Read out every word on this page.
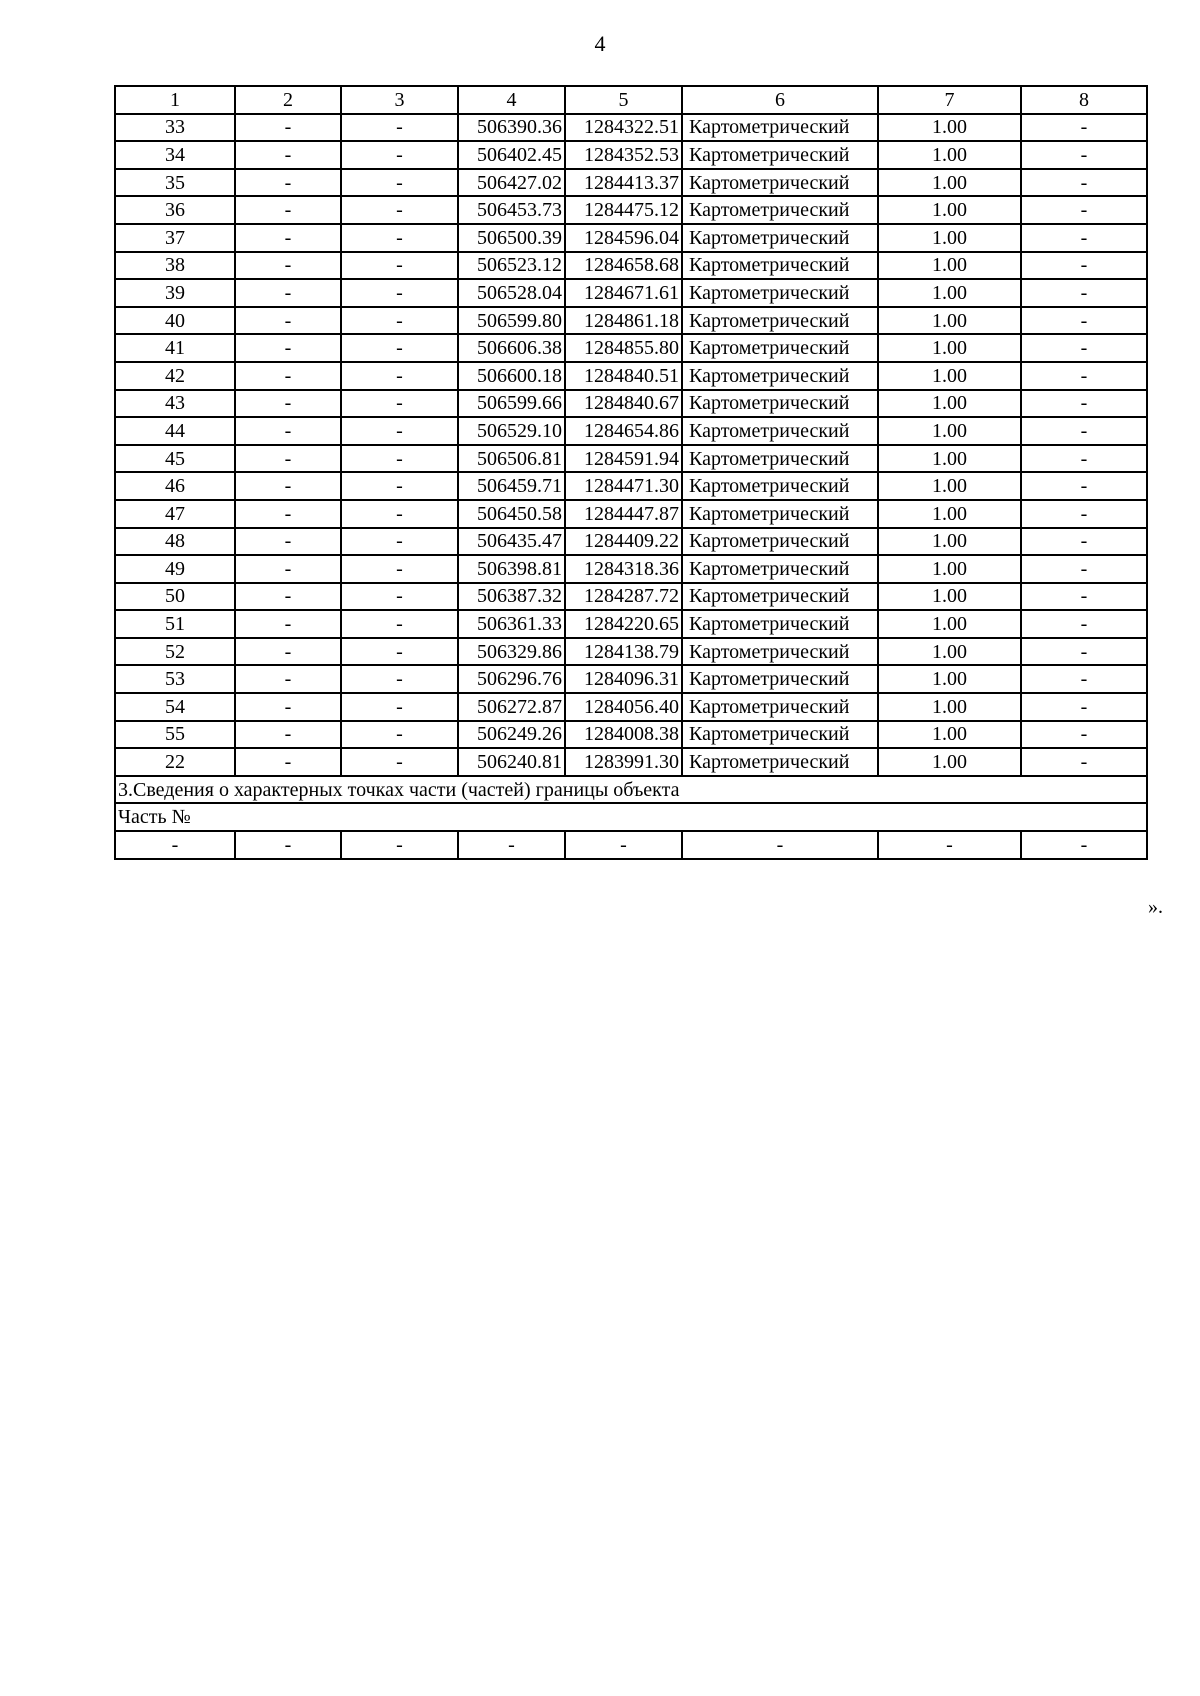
4
1	2	3	4	5	6	7	8
33	-	-	506390.36	1284322.51	Картометрический	1.00	-
34	-	-	506402.45	1284352.53	Картометрический	1.00	-
35	-	-	506427.02	1284413.37	Картометрический	1.00	-
36	-	-	506453.73	1284475.12	Картометрический	1.00	-
37	-	-	506500.39	1284596.04	Картометрический	1.00	-
38	-	-	506523.12	1284658.68	Картометрический	1.00	-
39	-	-	506528.04	1284671.61	Картометрический	1.00	-
40	-	-	506599.80	1284861.18	Картометрический	1.00	-
41	-	-	506606.38	1284855.80	Картометрический	1.00	-
42	-	-	506600.18	1284840.51	Картометрический	1.00	-
43	-	-	506599.66	1284840.67	Картометрический	1.00	-
44	-	-	506529.10	1284654.86	Картометрический	1.00	-
45	-	-	506506.81	1284591.94	Картометрический	1.00	-
46	-	-	506459.71	1284471.30	Картометрический	1.00	-
47	-	-	506450.58	1284447.87	Картометрический	1.00	-
48	-	-	506435.47	1284409.22	Картометрический	1.00	-
49	-	-	506398.81	1284318.36	Картометрический	1.00	-
50	-	-	506387.32	1284287.72	Картометрический	1.00	-
51	-	-	506361.33	1284220.65	Картометрический	1.00	-
52	-	-	506329.86	1284138.79	Картометрический	1.00	-
53	-	-	506296.76	1284096.31	Картометрический	1.00	-
54	-	-	506272.87	1284056.40	Картометрический	1.00	-
55	-	-	506249.26	1284008.38	Картометрический	1.00	-
22	-	-	506240.81	1283991.30	Картометрический	1.00	-
3.Сведения о характерных точках части (частей) границы объекта							
Часть №							
-	-	-	-	-	-	-	-
».
